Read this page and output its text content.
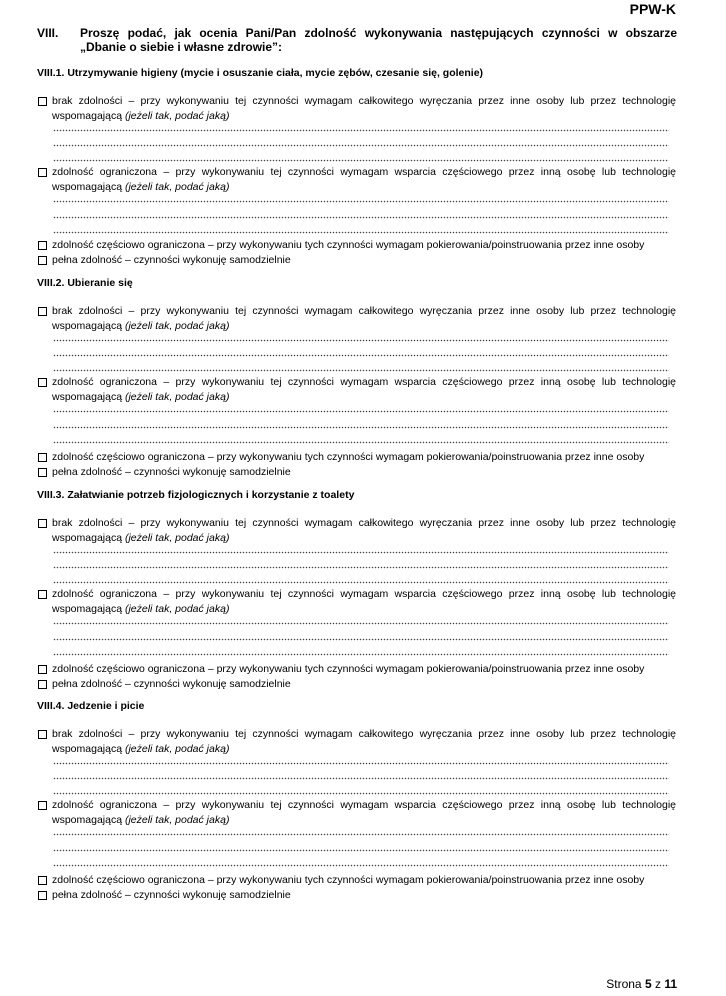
PPW-K
VIII. Proszę podać, jak ocenia Pani/Pan zdolność wykonywania następujących czynności w obszarze „Dbanie o siebie i własne zdrowie”:
VIII.1. Utrzymywanie higieny (mycie i osuszanie ciała, mycie zębów, czesanie się, golenie)
brak zdolności – przy wykonywaniu tej czynności wymagam całkowitego wyręczania przez inne osoby lub przez technologię wspomagającą (jeżeli tak, podać jaką)
zdolność ograniczona – przy wykonywaniu tej czynności wymagam wsparcia częściowego przez inną osobę lub technologię wspomagającą (jeżeli tak, podać jaką)
zdolność częściowo ograniczona – przy wykonywaniu tych czynności wymagam pokierowania/poinstruowania przez inne osoby
pełna zdolność – czynności wykonuję samodzielnie
VIII.2. Ubieranie się
brak zdolności – przy wykonywaniu tej czynności wymagam całkowitego wyręczania przez inne osoby lub przez technologię wspomagającą (jeżeli tak, podać jaką)
zdolność ograniczona – przy wykonywaniu tej czynności wymagam wsparcia częściowego przez inną osobę lub technologię wspomagającą (jeżeli tak, podać jaką)
zdolność częściowo ograniczona – przy wykonywaniu tych czynności wymagam pokierowania/poinstruowania przez inne osoby
pełna zdolność – czynności wykonuję samodzielnie
VIII.3. Załatwianie potrzeb fizjologicznych i korzystanie z toalety
brak zdolności – przy wykonywaniu tej czynności wymagam całkowitego wyręczania przez inne osoby lub przez technologię wspomagającą (jeżeli tak, podać jaką)
zdolność ograniczona – przy wykonywaniu tej czynności wymagam wsparcia częściowego przez inną osobę lub technologię wspomagającą (jeżeli tak, podać jaką)
zdolność częściowo ograniczona – przy wykonywaniu tych czynności wymagam pokierowania/poinstruowania przez inne osoby
pełna zdolność – czynności wykonuję samodzielnie
VIII.4. Jedzenie i picie
brak zdolności – przy wykonywaniu tej czynności wymagam całkowitego wyręczania przez inne osoby lub przez technologię wspomagającą (jeżeli tak, podać jaką)
zdolność ograniczona – przy wykonywaniu tej czynności wymagam wsparcia częściowego przez inną osobę lub technologię wspomagającą (jeżeli tak, podać jaką)
zdolność częściowo ograniczona – przy wykonywaniu tych czynności wymagam pokierowania/poinstruowania przez inne osoby
pełna zdolność – czynności wykonuję samodzielnie
Strona 5 z 11
